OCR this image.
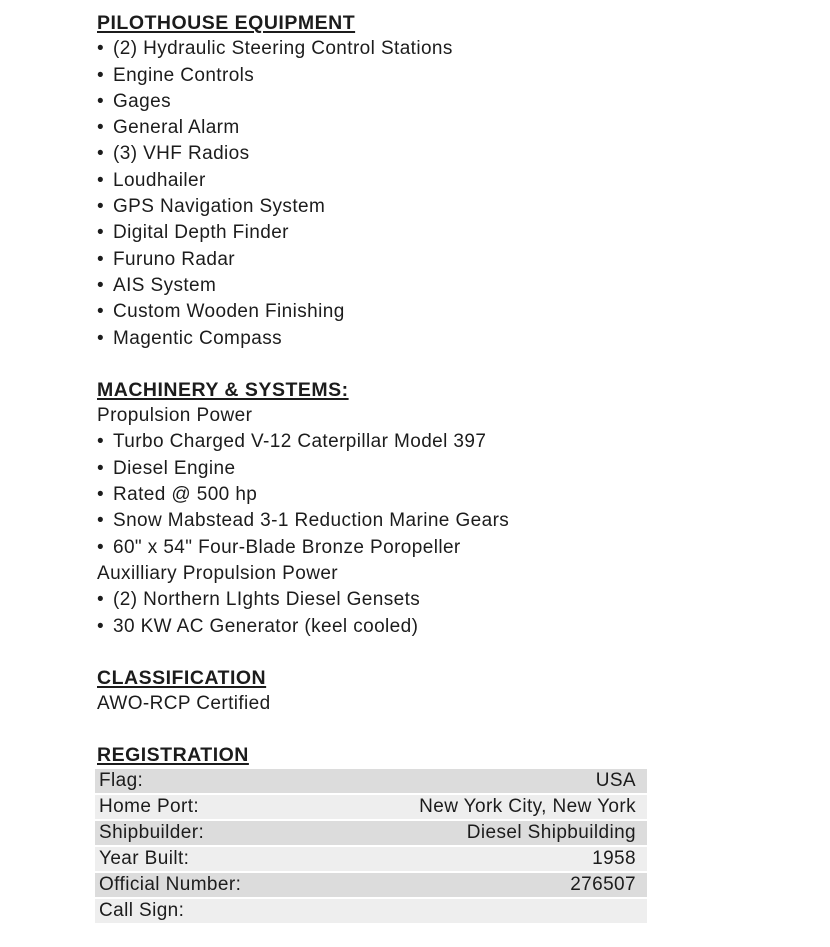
PILOTHOUSE EQUIPMENT
• (2) Hydraulic Steering Control Stations
• Engine Controls
• Gages
• General Alarm
• (3) VHF Radios
• Loudhailer
• GPS Navigation System
• Digital Depth Finder
• Furuno Radar
• AIS System
• Custom Wooden Finishing
• Magentic Compass
MACHINERY & SYSTEMS:
Propulsion Power
• Turbo Charged V-12 Caterpillar Model 397
• Diesel Engine
• Rated @ 500 hp
• Snow Mabstead 3-1 Reduction Marine Gears
• 60" x 54" Four-Blade Bronze Poropeller
Auxilliary Propulsion Power
• (2) Northern LIghts Diesel Gensets
• 30 KW AC Generator (keel cooled)
CLASSIFICATION
AWO-RCP Certified
REGISTRATION
Flag:	USA
Home Port:	New York City, New York
Shipbuilder:	Diesel Shipbuilding
Year Built:	1958
Official Number:	276507
Call Sign:	
